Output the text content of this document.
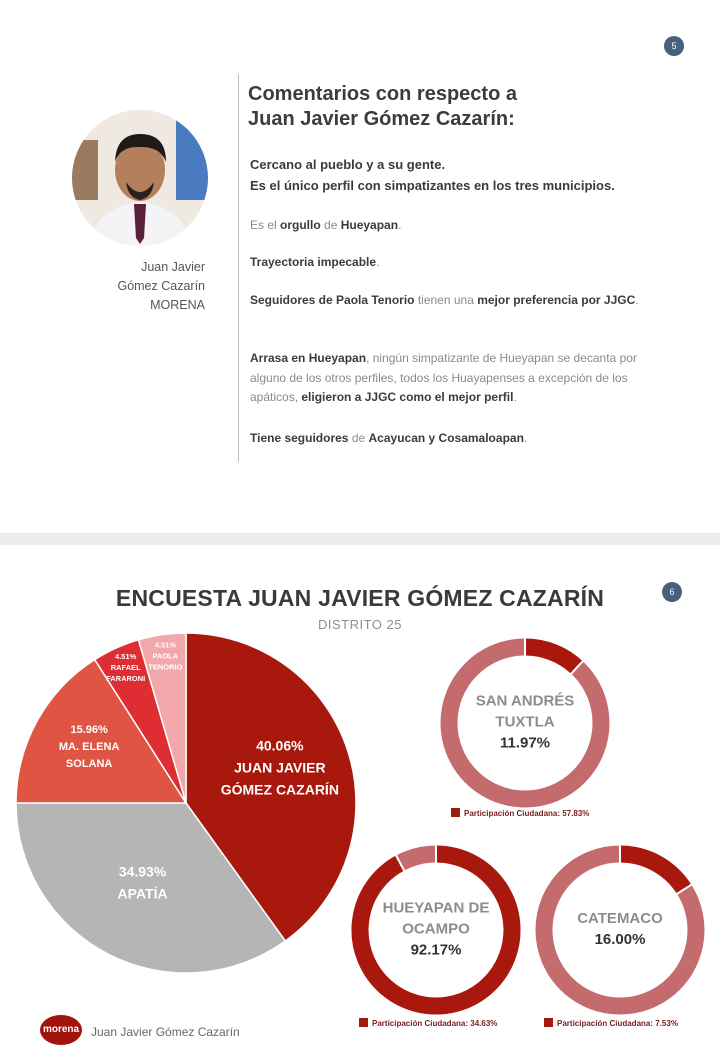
5
Juan Javier
Gómez Cazarín
MORENA
Comentarios con respecto a
Juan Javier Gómez Cazarín:
Cercano al pueblo y a su gente.
Es el único perfil con simpatizantes en los tres municipios.
Es el orgullo de Hueyapan.
Trayectoria impecable.
Seguidores de Paola Tenorio tienen una mejor preferencia por JJGC.
Arrasa en Hueyapan, ningún simpatizante de Hueyapan se decanta por alguno de los otros perfiles, todos los Huayapenses a excepción de los apáticos, eligieron a JJGC como el mejor perfil.
Tiene seguidores de Acayucan y Cosamaloapan.
6
ENCUESTA JUAN JAVIER GÓMEZ CAZARÍN
DISTRITO 25
40.06% JUAN JAVIER GÓMEZ CAZARÍN
34.93% APATÍA
15.96% MA. ELENA SOLANA
4.51% RAFAEL FARARONI
4.51% PAOLA TENORIO
SAN ANDRÉS
TUXTLA
11.97%
Participación Ciudadana: 57.83%
HUEYAPAN DE
OCAMPO
92.17%
Participación Ciudadana: 34.63%
CATEMACO
16.00%
Participación Ciudadana: 7.53%
morena Juan Javier Gómez Cazarín
